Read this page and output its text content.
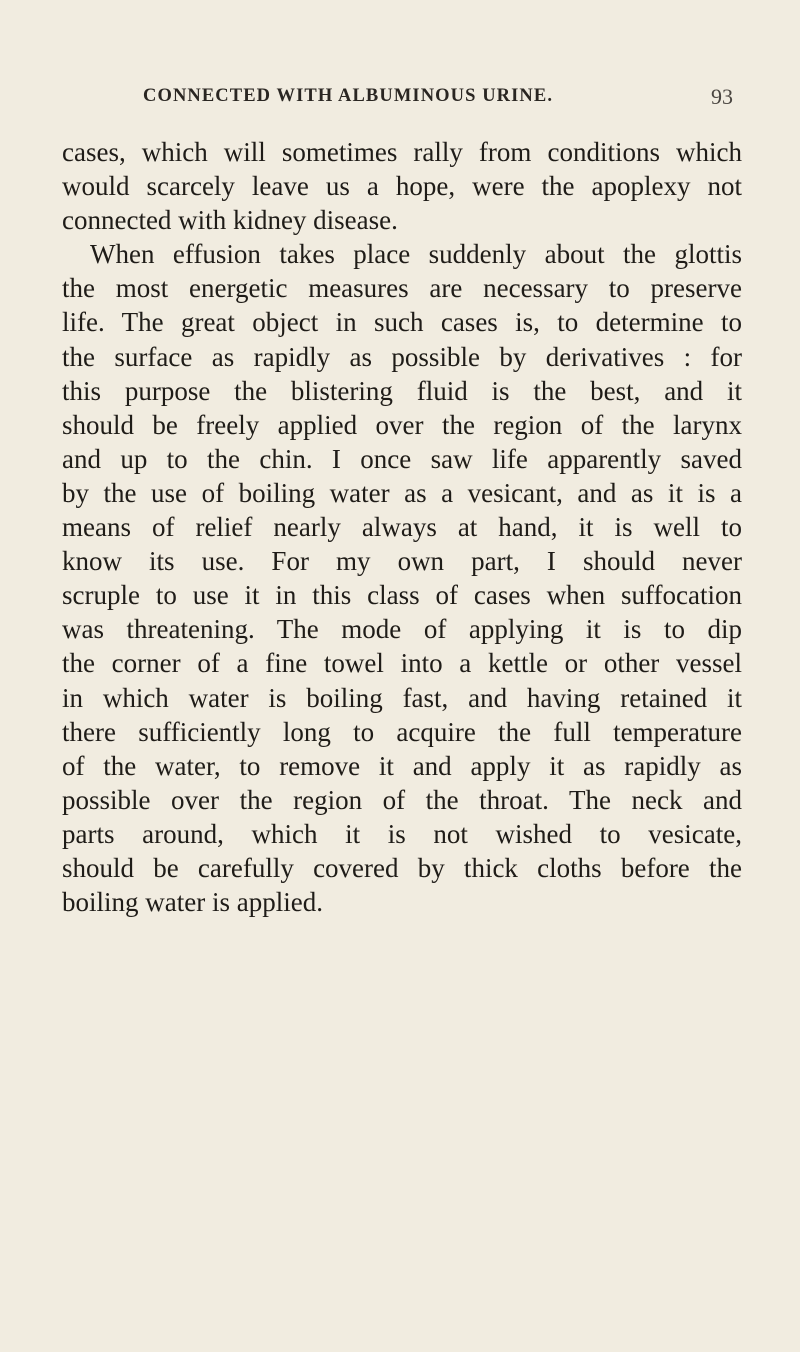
CONNECTED WITH ALBUMINOUS URINE.	93
cases, which will sometimes rally from conditions which
would scarcely leave us a hope, were the apoplexy not
connected with kidney disease.
When effusion takes place suddenly about the glottis
the most energetic measures are necessary to preserve
life. The great object in such cases is, to determine to
the surface as rapidly as possible by derivatives : for
this purpose the blistering fluid is the best, and it
should be freely applied over the region of the larynx
and up to the chin. I once saw life apparently saved
by the use of boiling water as a vesicant, and as it is a
means of relief nearly always at hand, it is well to
know its use. For my own part, I should never
scruple to use it in this class of cases when suffocation
was threatening. The mode of applying it is to dip
the corner of a fine towel into a kettle or other vessel
in which water is boiling fast, and having retained it
there sufficiently long to acquire the full temperature
of the water, to remove it and apply it as rapidly as
possible over the region of the throat. The neck and
parts around, which it is not wished to vesicate,
should be carefully covered by thick cloths before the
boiling water is applied.
